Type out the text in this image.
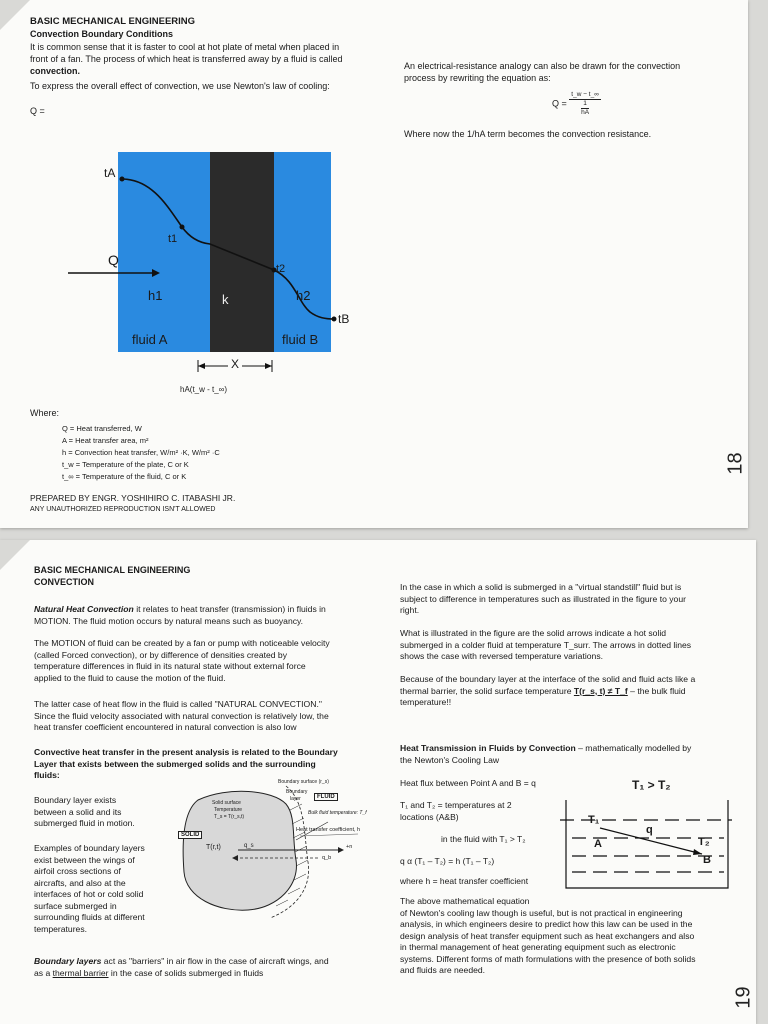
BASIC MECHANICAL ENGINEERING
Convection Boundary Conditions
It is common sense that it is faster to cool at hot plate of metal when placed in
front of a fan. The process of which heat is transferred away by a fluid is called
convection.
To express the overall effect of convection, we use Newton's law of cooling:
Q =
An electrical-resistance analogy can also be drawn for the convection
process by rewriting the equation as:
$Q = \frac{t\_w - t\_\infty}{\frac{1}{hA}}$
Where now the 1/hA term becomes the convection resistance.
tA
t1
t2
tB
Q
h1	k	h2
fluid A	fluid B
X
hA(t_w - t_∞)
Where:
Q = Heat transferred, W
A = Heat transfer area, m²
h = Convection heat transfer, W/m² ·K, W/m² ·C
t_w = Temperature of the plate, C or K
t_∞ = Temperature of the fluid, C or K
PREPARED BY ENGR. YOSHIHIRO C. ITABASHI JR.
ANY UNAUTHORIZED REPRODUCTION ISN'T ALLOWED
18
BASIC MECHANICAL ENGINEERING
CONVECTION
Natural Heat Convection it relates to heat transfer (transmission) in fluids in
MOTION. The fluid motion occurs by natural means such as buoyancy.
The MOTION of fluid can be created by a fan or pump with noticeable velocity
(called Forced convection), or by difference of densities created by
temperature differences in fluid in its natural state without external force
applied to the fluid to cause the motion of the fluid.
The latter case of heat flow in the fluid is called "NATURAL CONVECTION."
Since the fluid velocity associated with natural convection is relatively low, the
heat transfer coefficient encountered in natural convection is also low
Convective heat transfer in the present analysis is related to the Boundary
Layer that exists between the submerged solids and the surrounding
fluids:
Boundary layer exists
between a solid and its
submerged fluid in motion.
Examples of boundary layers
exist between the wings of
airfoil cross sections of
aircrafts, and also at the
interfaces of hot or cold solid
surface submerged in
surrounding fluids at different
temperatures.
Boundary surface (r_s)
Boundary
layer	FLUID
Solid surface
Temperature
T_s = T(r_s,t)
Bulk fluid temperature: T_f
Heat transfer coefficient, h
SOLID
T(r,t)	q_s	+n
q_b
Boundary layers act as "barriers" in air flow in the case of aircraft wings, and
as a thermal barrier in the case of solids submerged in fluids
In the case in which a solid is submerged in a "virtual standstill" fluid but is
subject to difference in temperatures such as illustrated in the figure to your
right.
What is illustrated in the figure are the solid arrows indicate a hot solid
submerged in a colder fluid at temperature T_surr. The arrows in dotted lines
shows the case with reversed temperature variations.
Because of the boundary layer at the interface of the solid and fluid acts like a
thermal barrier, the solid surface temperature T(r_s, t) ≠ T_f – the bulk fluid
temperature!!
Heat Transmission in Fluids by Convection – mathematically modelled by
the Newton's Cooling Law
Heat flux between Point A and B = q
T₁ and T₂ = temperatures at 2
locations (A&B)
in the fluid with T₁ > T₂
q α (T₁ – T₂) = h (T₁ – T₂)
where h = heat transfer coefficient
T₁ > T₂
T₁
q
T₂
A
B
The above mathematical equation
of Newton's cooling law though is useful, but is not practical in engineering
analysis, in which engineers desire to predict how this law can be used in the
design analysis of heat transfer equipment such as heat exchangers and also
in thermal management of heat generating equipment such as electronic
systems. Different forms of math formulations with the presence of both solids
and fluids are needed.
19
